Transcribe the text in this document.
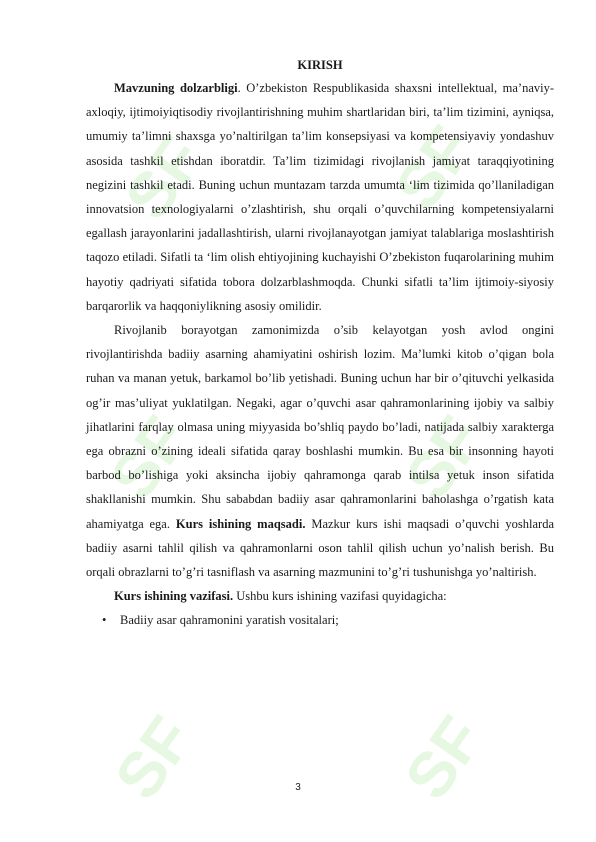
SF	SF
SF	SF
SF	SF
KIRISH

Mavzuning dolzarbligi. O’zbekiston Respublikasida shaxsni intellektual, ma’naviy-axloqiy, ijtimoiyiqtisodiy rivojlantirishning muhim shartlaridan biri, ta’lim tizimini, ayniqsa, umumiy ta’limni shaxsga yo’naltirilgan ta’lim konsepsiyasi va kompetensiyaviy yondashuv asosida tashkil etishdan iboratdir. Ta’lim tizimidagi rivojlanish jamiyat taraqqiyotining negizini tashkil etadi. Buning uchun muntazam tarzda umumta ‘lim tizimida qo’llaniladigan innovatsion texnologiyalarni o’zlashtirish, shu orqali o’quvchilarning kompetensiyalarni egallash jarayonlarini jadallashtirish, ularni rivojlanayotgan jamiyat talablariga moslashtirish taqozo etiladi. Sifatli ta ‘lim olish ehtiyojining kuchayishi O’zbekiston fuqarolarining muhim hayotiy qadriyati sifatida tobora dolzarblashmoqda. Chunki sifatli ta’lim ijtimoiy-siyosiy barqarorlik va haqqoniylikning asosiy omilidir.

Rivojlanib borayotgan zamonimizda o’sib kelayotgan yosh avlod ongini rivojlantirishda badiiy asarning ahamiyatini oshirish lozim. Ma’lumki kitob o’qigan bola ruhan va manan yetuk, barkamol bo’lib yetishadi. Buning uchun har bir o’qituvchi yelkasida og’ir mas’uliyat yuklatilgan. Negaki, agar o’quvchi asar qahramonlarining ijobiy va salbiy jihatlarini farqlay olmasa uning miyyasida bo’shliq paydo bo’ladi, natijada salbiy xarakterga ega obrazni o’zining ideali sifatida qaray boshlashi mumkin. Bu esa bir insonning hayoti barbod bo’lishiga yoki aksincha ijobiy qahramonga qarab intilsa yetuk inson sifatida shakllanishi mumkin. Shu sababdan badiiy asar qahramonlarini baholashga o’rgatish kata ahamiyatga ega. Kurs ishining maqsadi. Mazkur kurs ishi maqsadi o’quvchi yoshlarda badiiy asarni tahlil qilish va qahramonlarni oson tahlil qilish uchun yo’nalish berish. Bu orqali obrazlarni to’g’ri tasniflash va asarning mazmunini to’g’ri tushunishga yo’naltirish.

Kurs ishining vazifasi. Ushbu kurs ishining vazifasi quyidagicha:

• Badiiy asar qahramonini yaratish vositalari;
3
